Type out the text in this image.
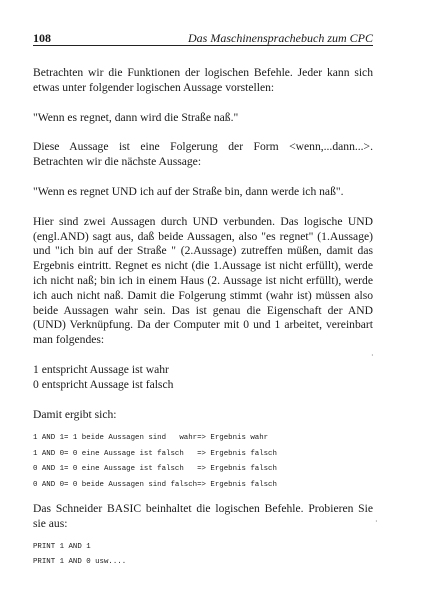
108	Das Maschinensprachebuch zum CPC

Betrachten wir die Funktionen der logischen Befehle. Jeder kann sich etwas unter folgender logischen Aussage vorstellen:

"Wenn es regnet, dann wird die Straße naß."

Diese Aussage ist eine Folgerung der Form <wenn,...dann...>. Betrachten wir die nächste Aussage:

"Wenn es regnet UND ich auf der Straße bin, dann werde ich naß".

Hier sind zwei Aussagen durch UND verbunden. Das logische UND (engl.AND) sagt aus, daß beide Aussagen, also "es regnet" (1.Aussage) und "ich bin auf der Straße " (2.Aussage) zutreffen müßen, damit das Ergebnis eintritt. Regnet es nicht (die 1.Aussage ist nicht erfüllt), werde ich nicht naß; bin ich in einem Haus (2. Aussage ist nicht erfüllt), werde ich auch nicht naß. Damit die Folgerung stimmt (wahr ist) müssen also beide Aussagen wahr sein. Das ist genau die Eigenschaft der AND (UND) Verknüpfung. Da der Computer mit 0 und 1 arbeitet, vereinbart man folgendes:

1 entspricht Aussage ist wahr

0 entspricht Aussage ist falsch

Damit ergibt sich:

1 AND 1= 1 beide Aussagen sind   wahr=> Ergebnis wahr
1 AND 0= 0 eine Aussage ist falsch   => Ergebnis falsch
0 AND 1= 0 eine Aussage ist falsch   => Ergebnis falsch
0 AND 0= 0 beide Aussagen sind falsch=> Ergebnis falsch

Das Schneider BASIC beinhaltet die logischen Befehle. Probieren Sie sie aus:

PRINT 1 AND 1
PRINT 1 AND 0 usw....
·
·
